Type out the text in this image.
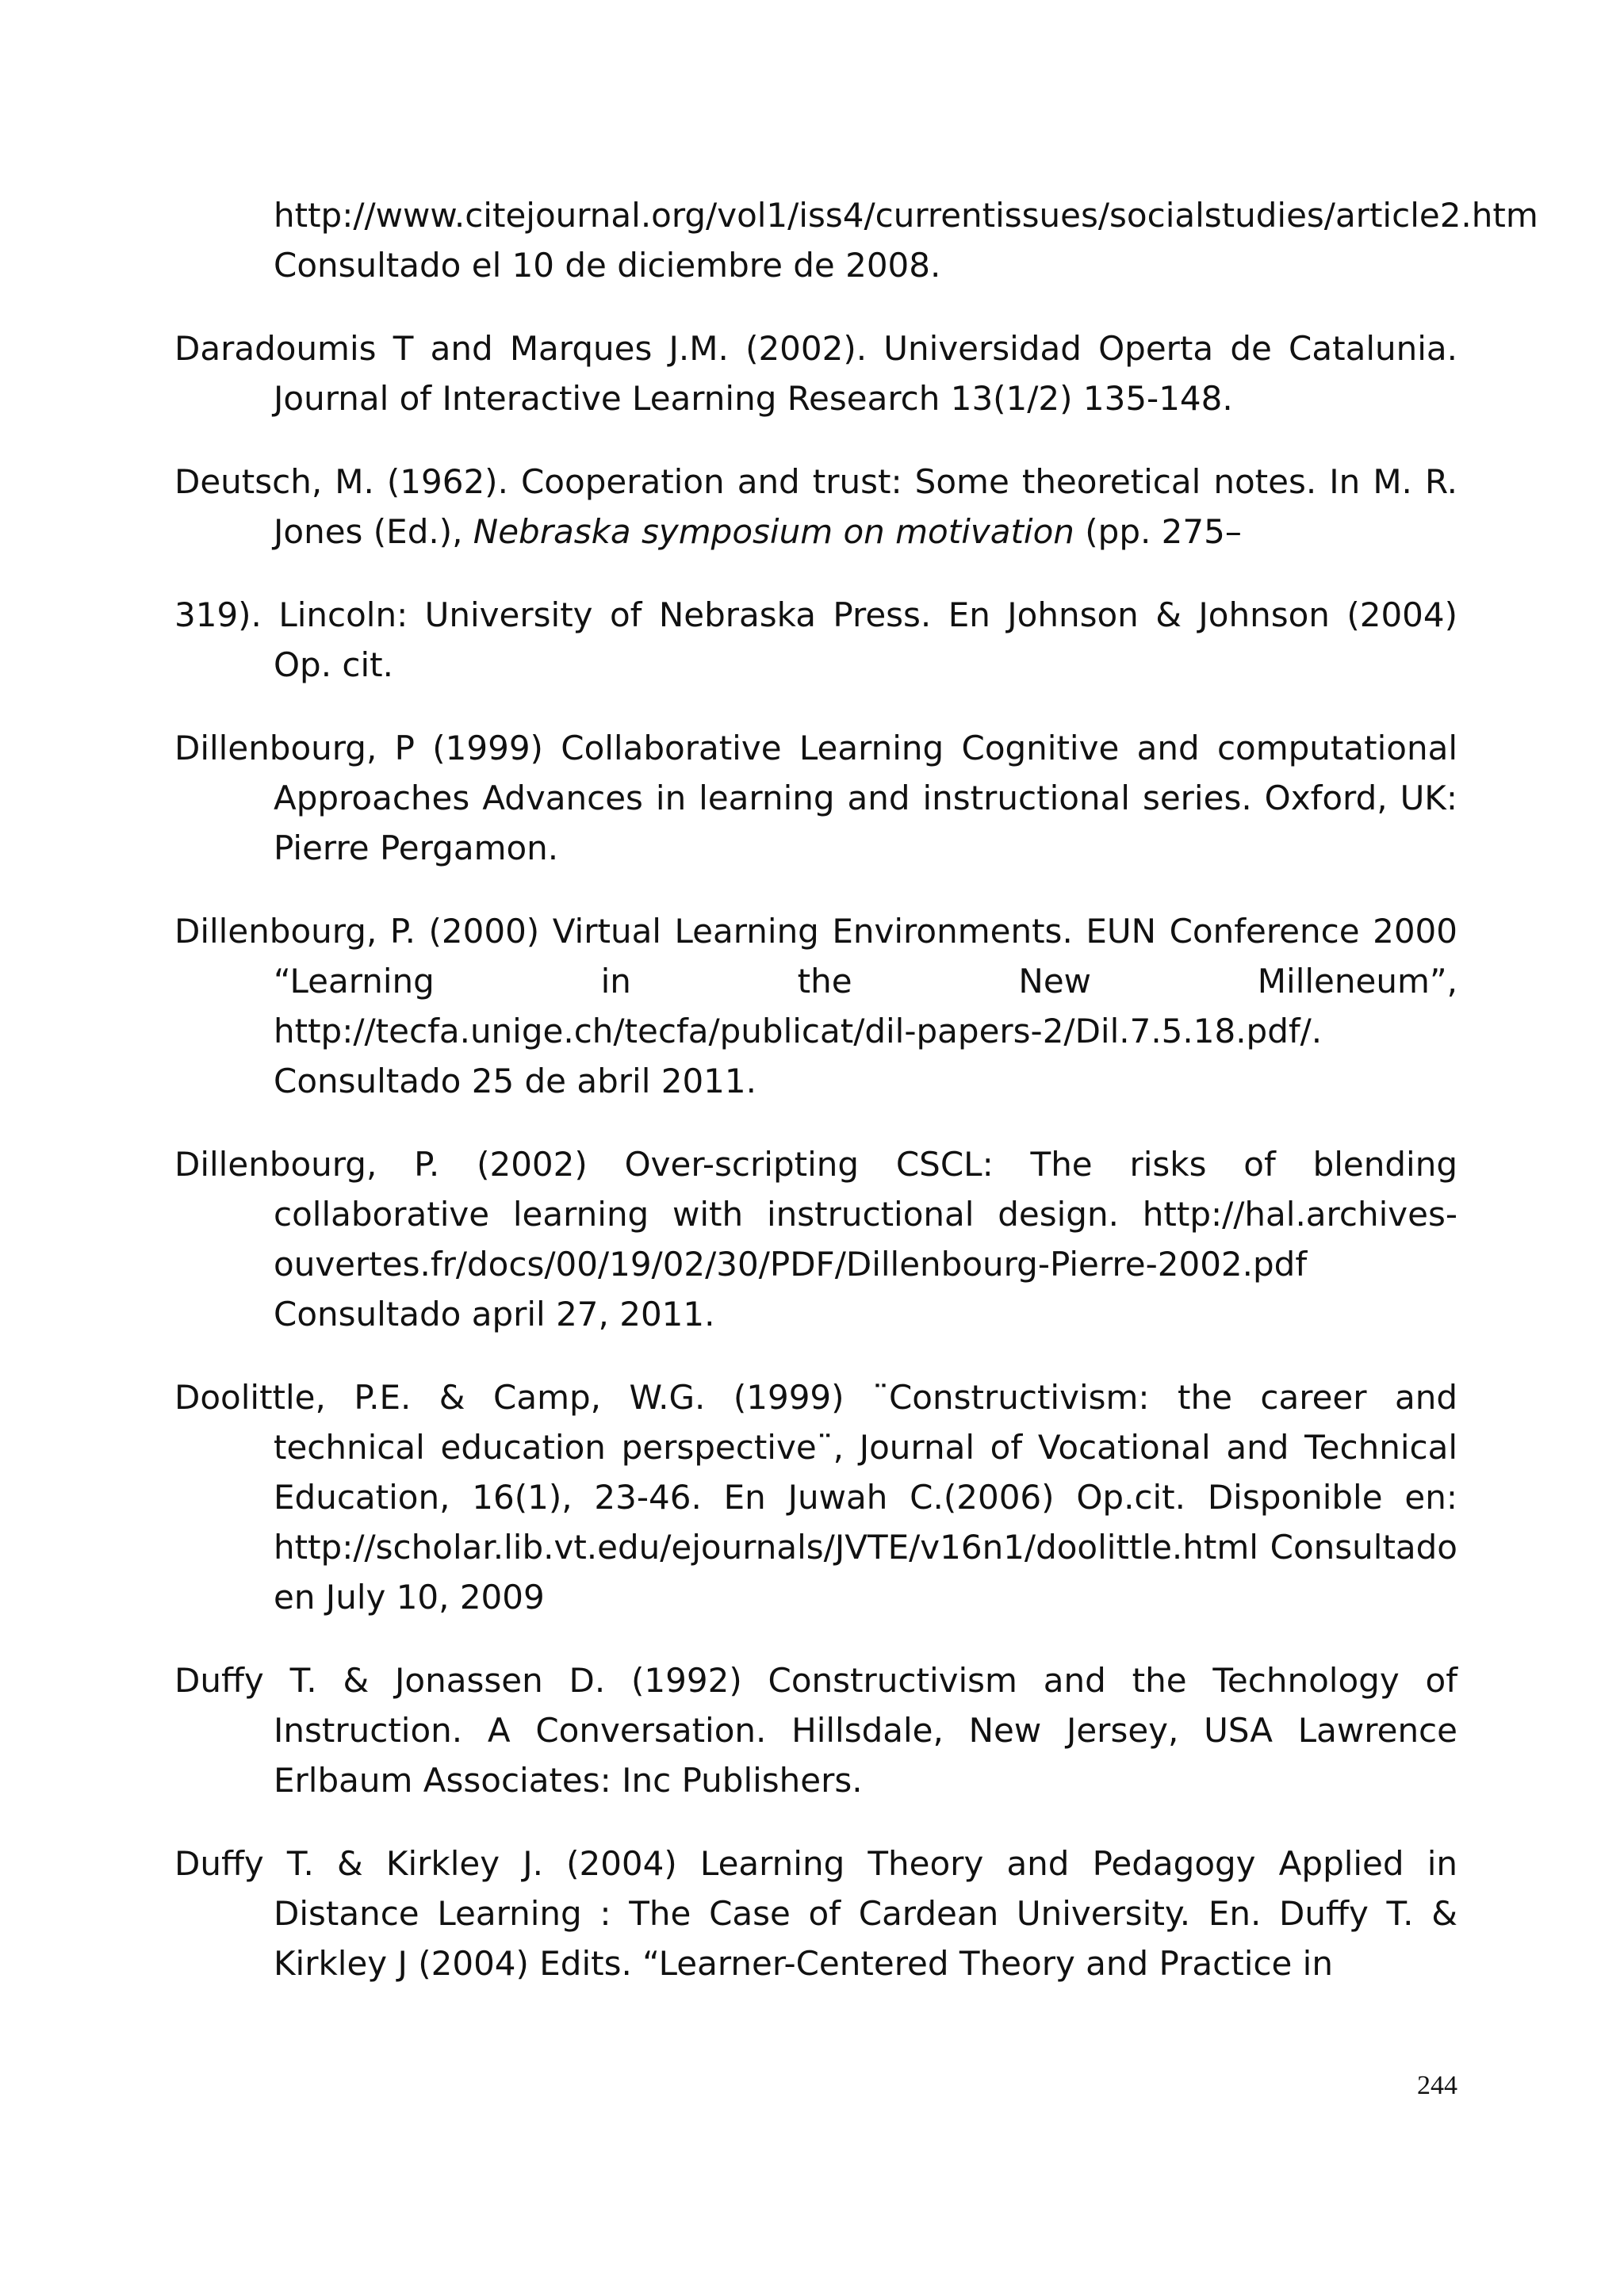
http://www.citejournal.org/vol1/iss4/currentissues/socialstudies/article2.htm Consultado el 10 de diciembre de 2008.

Daradoumis T and Marques J.M. (2002). Universidad Operta de Catalunia. Journal of Interactive Learning Research 13(1/2) 135-148.

Deutsch, M. (1962). Cooperation and trust: Some theoretical notes. In M. R. Jones (Ed.), Nebraska symposium on motivation (pp. 275–

319). Lincoln: University of Nebraska Press. En Johnson & Johnson (2004) Op. cit.

Dillenbourg, P (1999) Collaborative Learning Cognitive and computational Approaches Advances in learning and instructional series. Oxford, UK: Pierre Pergamon.

Dillenbourg, P. (2000) Virtual Learning Environments. EUN Conference 2000 “Learning in the New Milleneum”, http://tecfa.unige.ch/tecfa/publicat/dil-papers-2/Dil.7.5.18.pdf/. Consultado 25 de abril 2011.

Dillenbourg, P. (2002) Over-scripting CSCL: The risks of blending collaborative learning with instructional design. http://hal.archives-ouvertes.fr/docs/00/19/02/30/PDF/Dillenbourg-Pierre-2002.pdf Consultado april 27, 2011.

Doolittle, P.E. & Camp, W.G. (1999) ¨Constructivism: the career and technical education perspective¨, Journal of Vocational and Technical Education, 16(1), 23-46. En Juwah C.(2006) Op.cit. Disponible en: http://scholar.lib.vt.edu/ejournals/JVTE/v16n1/doolittle.html Consultado en July 10, 2009

Duffy T. & Jonassen D. (1992) Constructivism and the Technology of Instruction. A Conversation. Hillsdale, New Jersey, USA Lawrence Erlbaum Associates: Inc Publishers.

Duffy T. & Kirkley J. (2004) Learning Theory and Pedagogy Applied in Distance Learning : The Case of Cardean University. En. Duffy T. & Kirkley J (2004) Edits. “Learner-Centered Theory and Practice in

244
